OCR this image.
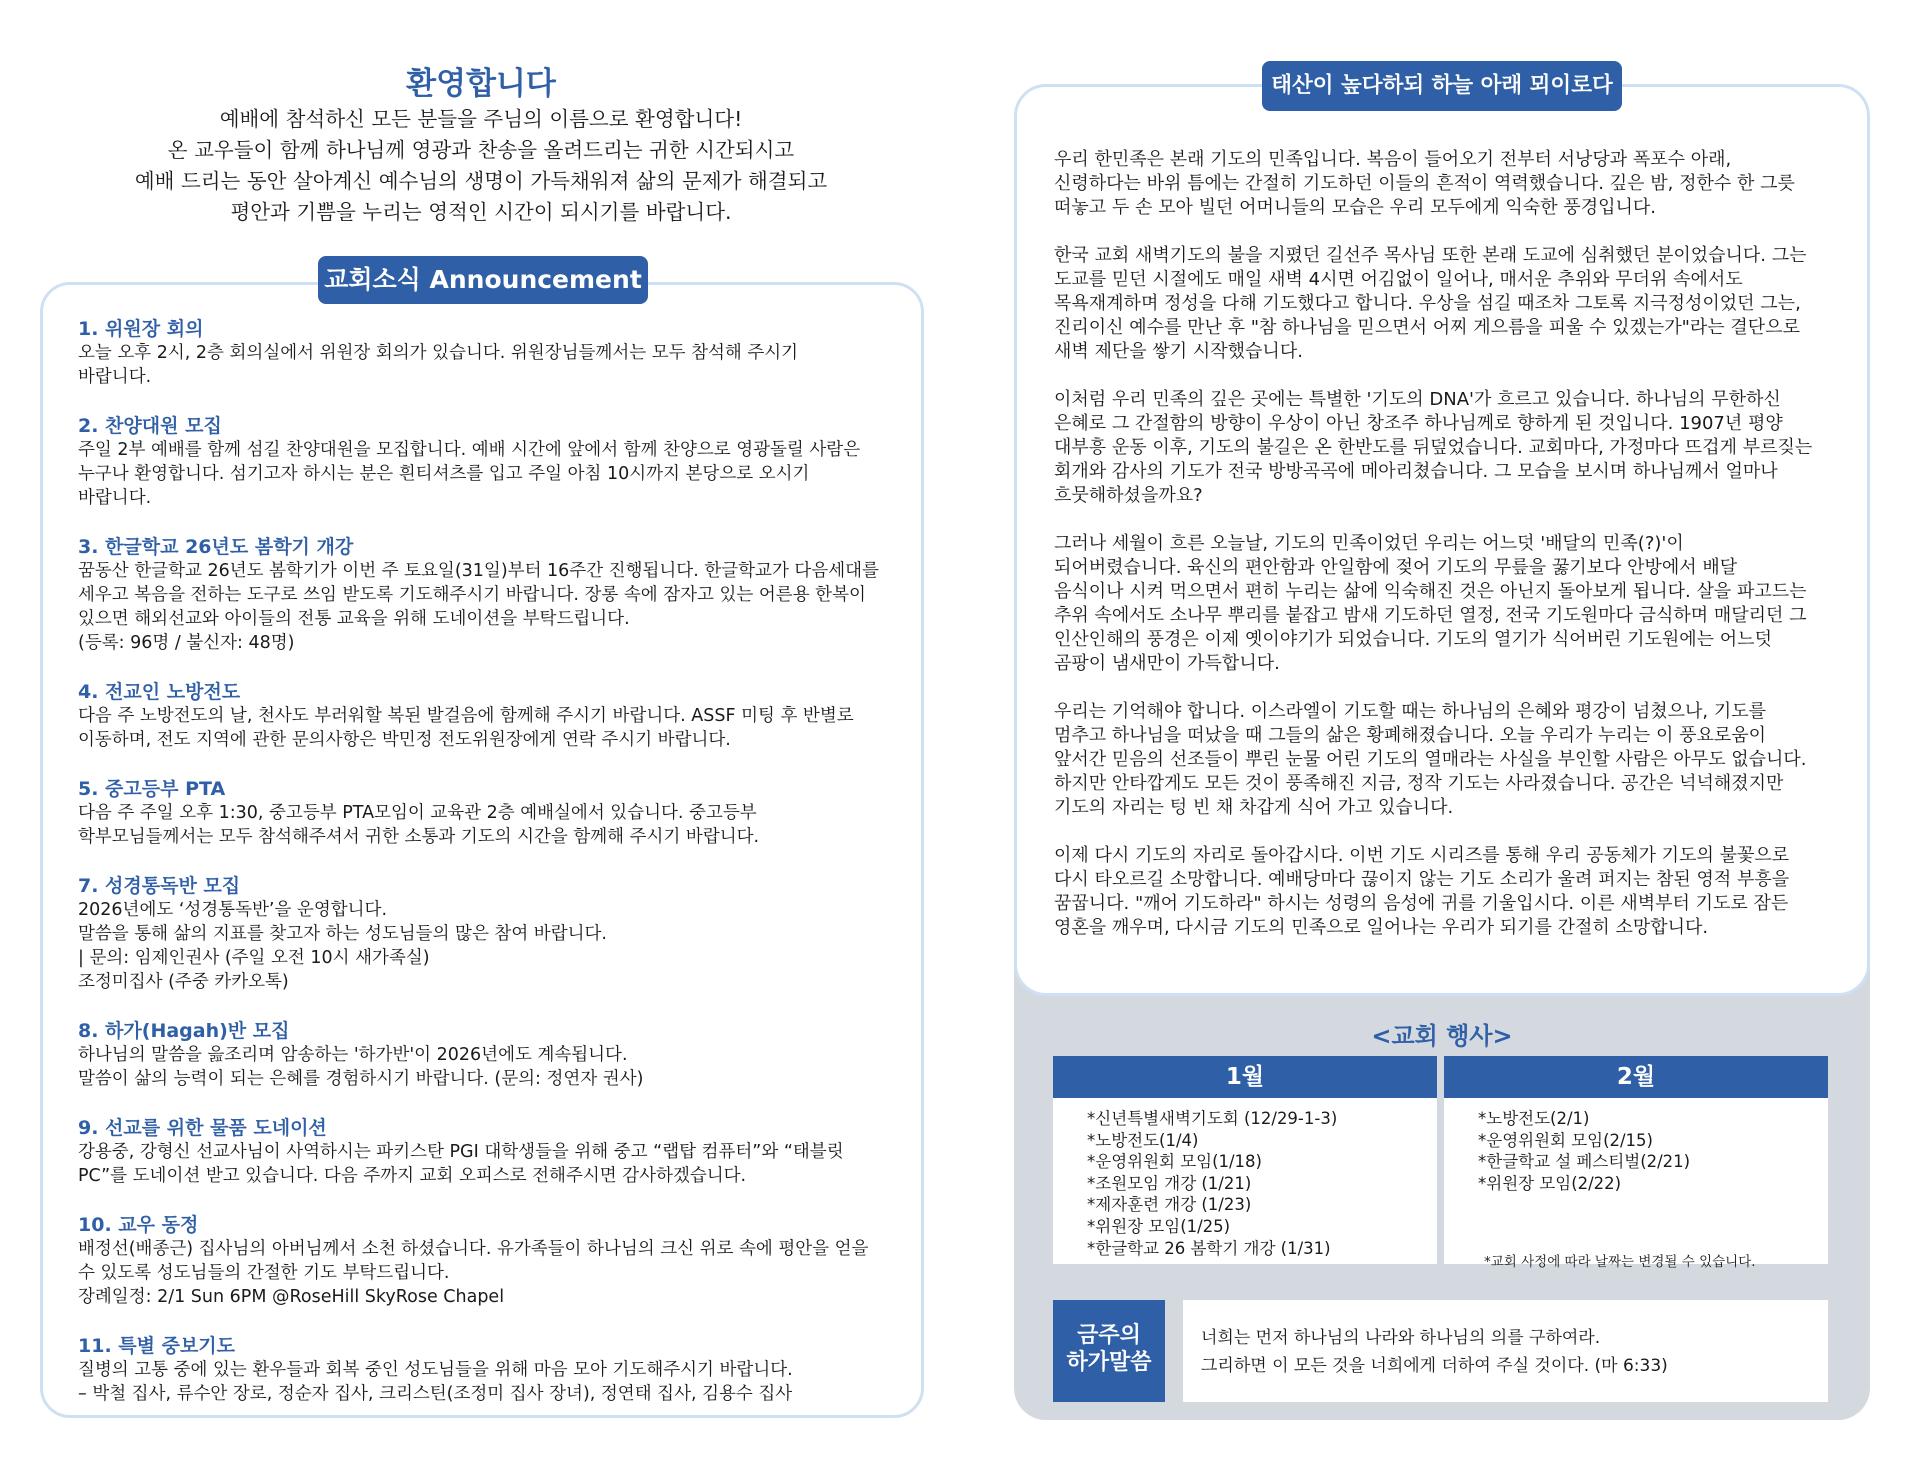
환영합니다
예배에 참석하신 모든 분들을 주님의 이름으로 환영합니다!
온 교우들이 함께 하나님께 영광과 찬송을 올려드리는 귀한 시간되시고
예배 드리는 동안 살아계신 예수님의 생명이 가득채워져 삶의 문제가 해결되고
평안과 기쁨을 누리는 영적인 시간이 되시기를 바랍니다.
교회소식 Announcement
1. 위원장 회의
오늘 오후 2시, 2층 회의실에서 위원장 회의가 있습니다. 위원장님들께서는 모두 참석해 주시기
바랍니다.
2. 찬양대원 모집
주일 2부 예배를 함께 섬길 찬양대원을 모집합니다. 예배 시간에 앞에서 함께 찬양으로 영광돌릴 사람은
누구나 환영합니다. 섬기고자 하시는 분은 흰티셔츠를 입고 주일 아침 10시까지 본당으로 오시기
바랍니다.
3. 한글학교 26년도 봄학기 개강
꿈동산 한글학교 26년도 봄학기가 이번 주 토요일(31일)부터 16주간 진행됩니다. 한글학교가 다음세대를
세우고 복음을 전하는 도구로 쓰임 받도록 기도해주시기 바랍니다. 장롱 속에 잠자고 있는 어른용 한복이
있으면 해외선교와 아이들의 전통 교육을 위해 도네이션을 부탁드립니다.
(등록: 96명 / 불신자: 48명)
4. 전교인 노방전도
다음 주 노방전도의 날, 천사도 부러워할 복된 발걸음에 함께해 주시기 바랍니다. ASSF 미팅 후 반별로
이동하며, 전도 지역에 관한 문의사항은 박민정 전도위원장에게 연락 주시기 바랍니다.
5. 중고등부 PTA
다음 주 주일 오후 1:30, 중고등부 PTA모임이 교육관 2층 예배실에서 있습니다. 중고등부
학부모님들께서는 모두 참석해주셔서 귀한 소통과 기도의 시간을 함께해 주시기 바랍니다.
7. 성경통독반 모집
2026년에도 ‘성경통독반’을 운영합니다.
말씀을 통해 삶의 지표를 찾고자 하는 성도님들의 많은 참여 바랍니다.
| 문의: 임제인권사 (주일 오전 10시 새가족실)
조정미집사 (주중 카카오톡)
8. 하가(Hagah)반 모집
하나님의 말씀을 읊조리며 암송하는 '하가반'이 2026년에도 계속됩니다.
말씀이 삶의 능력이 되는 은혜를 경험하시기 바랍니다. (문의: 정연자 권사)
9. 선교를 위한 물품 도네이션
강용중, 강형신 선교사님이 사역하시는 파키스탄 PGI 대학생들을 위해 중고 “랩탑 컴퓨터”와 “태블릿
PC”를 도네이션 받고 있습니다. 다음 주까지 교회 오피스로 전해주시면 감사하겠습니다.
10. 교우 동정
배정선(배종근) 집사님의 아버님께서 소천 하셨습니다. 유가족들이 하나님의 크신 위로 속에 평안을 얻을
수 있도록 성도님들의 간절한 기도 부탁드립니다.
장례일정: 2/1 Sun 6PM @RoseHill SkyRose Chapel
11. 특별 중보기도
질병의 고통 중에 있는 환우들과 회복 중인 성도님들을 위해 마음 모아 기도해주시기 바랍니다.
– 박철 집사, 류수안 장로, 정순자 집사, 크리스틴(조정미 집사 장녀), 정연태 집사, 김용수 집사
태산이 높다하되 하늘 아래 뫼이로다
우리 한민족은 본래 기도의 민족입니다. 복음이 들어오기 전부터 서낭당과 폭포수 아래,
신령하다는 바위 틈에는 간절히 기도하던 이들의 흔적이 역력했습니다. 깊은 밤, 정한수 한 그릇
떠놓고 두 손 모아 빌던 어머니들의 모습은 우리 모두에게 익숙한 풍경입니다.
한국 교회 새벽기도의 불을 지폈던 길선주 목사님 또한 본래 도교에 심취했던 분이었습니다. 그는
도교를 믿던 시절에도 매일 새벽 4시면 어김없이 일어나, 매서운 추위와 무더위 속에서도
목욕재계하며 정성을 다해 기도했다고 합니다. 우상을 섬길 때조차 그토록 지극정성이었던 그는,
진리이신 예수를 만난 후 "참 하나님을 믿으면서 어찌 게으름을 피울 수 있겠는가"라는 결단으로
새벽 제단을 쌓기 시작했습니다.
이처럼 우리 민족의 깊은 곳에는 특별한 '기도의 DNA'가 흐르고 있습니다. 하나님의 무한하신
은혜로 그 간절함의 방향이 우상이 아닌 창조주 하나님께로 향하게 된 것입니다. 1907년 평양
대부흥 운동 이후, 기도의 불길은 온 한반도를 뒤덮었습니다. 교회마다, 가정마다 뜨겁게 부르짖는
회개와 감사의 기도가 전국 방방곡곡에 메아리쳤습니다. 그 모습을 보시며 하나님께서 얼마나
흐뭇해하셨을까요?
그러나 세월이 흐른 오늘날, 기도의 민족이었던 우리는 어느덧 '배달의 민족(?)'이
되어버렸습니다. 육신의 편안함과 안일함에 젖어 기도의 무릎을 꿇기보다 안방에서 배달
음식이나 시켜 먹으면서 편히 누리는 삶에 익숙해진 것은 아닌지 돌아보게 됩니다. 살을 파고드는
추위 속에서도 소나무 뿌리를 붙잡고 밤새 기도하던 열정, 전국 기도원마다 금식하며 매달리던 그
인산인해의 풍경은 이제 옛이야기가 되었습니다. 기도의 열기가 식어버린 기도원에는 어느덧
곰팡이 냄새만이 가득합니다.
우리는 기억해야 합니다. 이스라엘이 기도할 때는 하나님의 은혜와 평강이 넘쳤으나, 기도를
멈추고 하나님을 떠났을 때 그들의 삶은 황폐해졌습니다. 오늘 우리가 누리는 이 풍요로움이
앞서간 믿음의 선조들이 뿌린 눈물 어린 기도의 열매라는 사실을 부인할 사람은 아무도 없습니다.
하지만 안타깝게도 모든 것이 풍족해진 지금, 정작 기도는 사라졌습니다. 공간은 넉넉해졌지만
기도의 자리는 텅 빈 채 차갑게 식어 가고 있습니다.
이제 다시 기도의 자리로 돌아갑시다. 이번 기도 시리즈를 통해 우리 공동체가 기도의 불꽃으로
다시 타오르길 소망합니다. 예배당마다 끊이지 않는 기도 소리가 울려 퍼지는 참된 영적 부흥을
꿈꿉니다. "깨어 기도하라" 하시는 성령의 음성에 귀를 기울입시다. 이른 새벽부터 기도로 잠든
영혼을 깨우며, 다시금 기도의 민족으로 일어나는 우리가 되기를 간절히 소망합니다.
<교회 행사>
1월
*신년특별새벽기도회 (12/29-1-3)
*노방전도(1/4)
*운영위원회 모임(1/18)
*조원모임 개강 (1/21)
*제자훈련 개강 (1/23)
*위원장 모임(1/25)
*한글학교 26 봄학기 개강 (1/31)
2월
*노방전도(2/1)
*운영위원회 모임(2/15)
*한글학교 설 페스티벌(2/21)
*위원장 모임(2/22)
*교회 사정에 따라 날짜는 변경될 수 있습니다.
금주의
하가말씀
너희는 먼저 하나님의 나라와 하나님의 의를 구하여라.
그리하면 이 모든 것을 너희에게 더하여 주실 것이다. (마 6:33)
